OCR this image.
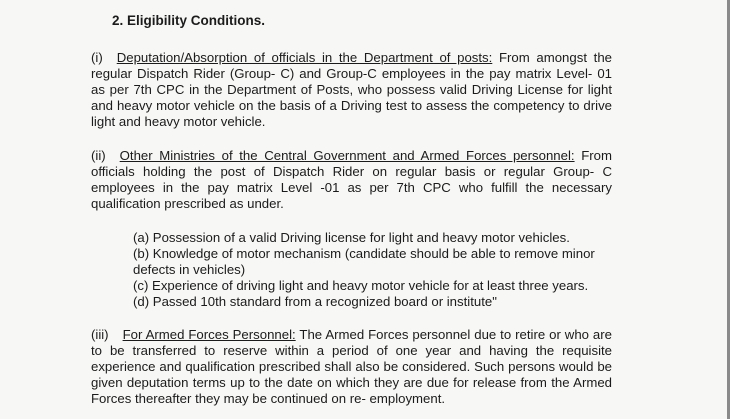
2. Eligibility Conditions.

(i) Deputation/Absorption of officials in the Department of posts: From amongst the regular Dispatch Rider (Group- C) and Group-C employees in the pay matrix Level- 01 as per 7th CPC in the Department of Posts, who possess valid Driving License for light and heavy motor vehicle on the basis of a Driving test to assess the competency to drive light and heavy motor vehicle.

(ii) Other Ministries of the Central Government and Armed Forces personnel: From officials holding the post of Dispatch Rider on regular basis or regular Group- C employees in the pay matrix Level -01 as per 7th CPC who fulfill the necessary qualification prescribed as under.

(a) Possession of a valid Driving license for light and heavy motor vehicles.
(b) Knowledge of motor mechanism (candidate should be able to remove minor defects in vehicles)
(c) Experience of driving light and heavy motor vehicle for at least three years.
(d) Passed 10th standard from a recognized board or institute"

(iii) For Armed Forces Personnel: The Armed Forces personnel due to retire or who are to be transferred to reserve within a period of one year and having the requisite experience and qualification prescribed shall also be considered. Such persons would be given deputation terms up to the date on which they are due for release from the Armed Forces thereafter they may be continued on re- employment.
